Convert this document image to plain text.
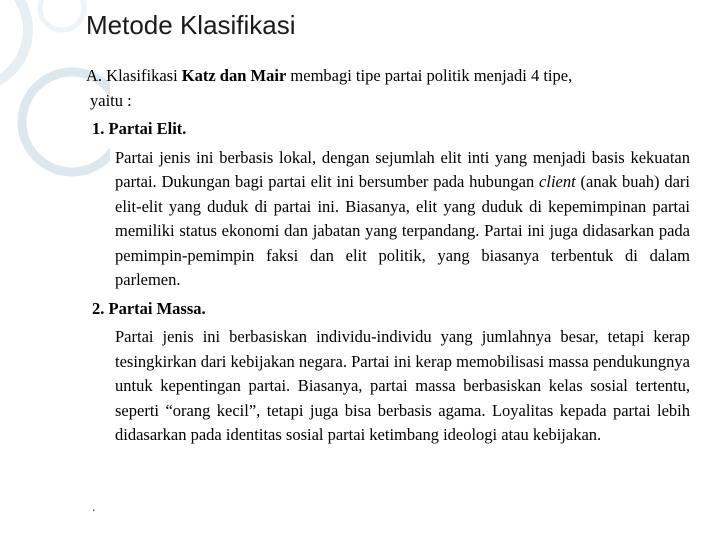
Metode Klasifikasi

A. Klasifikasi Katz dan Mair membagi tipe partai politik menjadi 4 tipe,
yaitu :

1. Partai Elit.

Partai jenis ini berbasis lokal, dengan sejumlah elit inti yang menjadi basis kekuatan partai. Dukungan bagi partai elit ini bersumber pada hubungan client (anak buah) dari elit-elit yang duduk di partai ini. Biasanya, elit yang duduk di kepemimpinan partai memiliki status ekonomi dan jabatan yang terpandang. Partai ini juga didasarkan pada pemimpin-pemimpin faksi dan elit politik, yang biasanya terbentuk di dalam parlemen.

2. Partai Massa.

Partai jenis ini berbasiskan individu-individu yang jumlahnya besar, tetapi kerap tesingkirkan dari kebijakan negara. Partai ini kerap memobilisasi massa pendukungnya untuk kepentingan partai. Biasanya, partai massa berbasiskan kelas sosial tertentu, seperti “orang kecil”, tetapi juga bisa berbasis agama. Loyalitas kepada partai lebih didasarkan pada identitas sosial partai ketimbang ideologi atau kebijakan.

.
